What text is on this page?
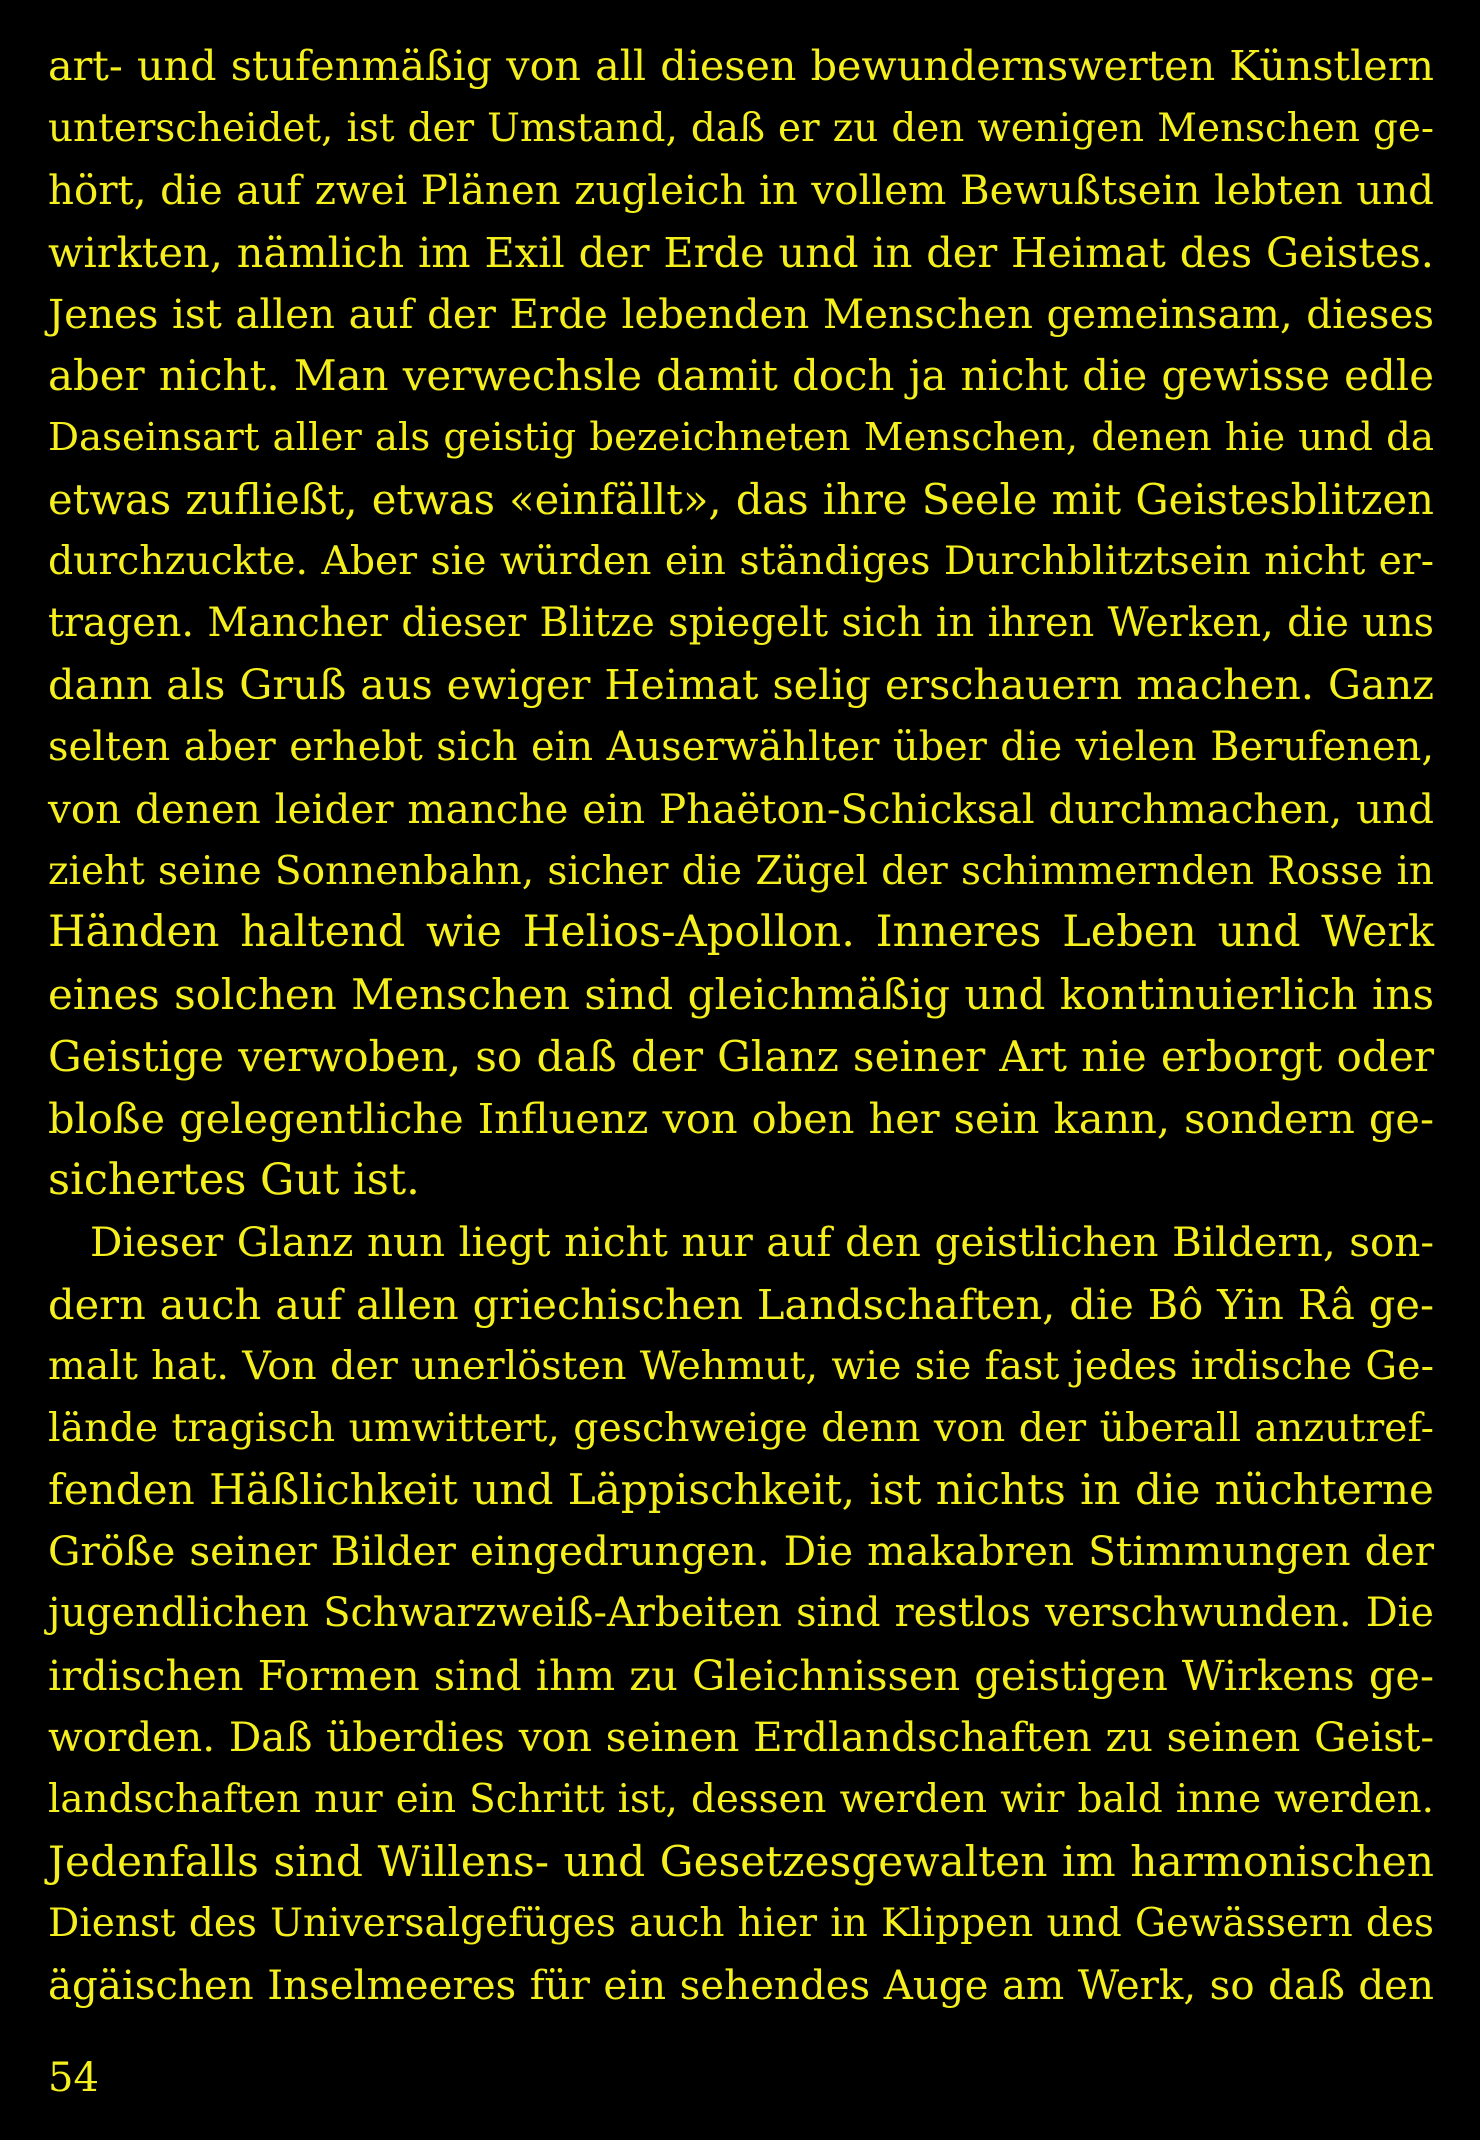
art- und stufenmäßig von all diesen bewundernswerten Künstlern
unterscheidet, ist der Umstand, daß er zu den wenigen Menschen ge-
hört, die auf zwei Plänen zugleich in vollem Bewußtsein lebten und
wirkten, nämlich im Exil der Erde und in der Heimat des Geistes.
Jenes ist allen auf der Erde lebenden Menschen gemeinsam, dieses
aber nicht. Man verwechsle damit doch ja nicht die gewisse edle
Daseinsart aller als geistig bezeichneten Menschen, denen hie und da
etwas zufließt, etwas «einfällt», das ihre Seele mit Geistesblitzen
durchzuckte. Aber sie würden ein ständiges Durchblitztsein nicht er-
tragen. Mancher dieser Blitze spiegelt sich in ihren Werken, die uns
dann als Gruß aus ewiger Heimat selig erschauern machen. Ganz
selten aber erhebt sich ein Auserwählter über die vielen Berufenen,
von denen leider manche ein Phaëton-Schicksal durchmachen, und
zieht seine Sonnenbahn, sicher die Zügel der schimmernden Rosse in
Händen haltend wie Helios-Apollon. Inneres Leben und Werk
eines solchen Menschen sind gleichmäßig und kontinuierlich ins
Geistige verwoben, so daß der Glanz seiner Art nie erborgt oder
bloße gelegentliche Influenz von oben her sein kann, sondern ge-
sichertes Gut ist.
Dieser Glanz nun liegt nicht nur auf den geistlichen Bildern, son-
dern auch auf allen griechischen Landschaften, die Bô Yin Râ ge-
malt hat. Von der unerlösten Wehmut, wie sie fast jedes irdische Ge-
lände tragisch umwittert, geschweige denn von der überall anzutref-
fenden Häßlichkeit und Läppischkeit, ist nichts in die nüchterne
Größe seiner Bilder eingedrungen. Die makabren Stimmungen der
jugendlichen Schwarzweiß-Arbeiten sind restlos verschwunden. Die
irdischen Formen sind ihm zu Gleichnissen geistigen Wirkens ge-
worden. Daß überdies von seinen Erdlandschaften zu seinen Geist-
landschaften nur ein Schritt ist, dessen werden wir bald inne werden.
Jedenfalls sind Willens- und Gesetzesgewalten im harmonischen
Dienst des Universalgefüges auch hier in Klippen und Gewässern des
ägäischen Inselmeeres für ein sehendes Auge am Werk, so daß den
54
